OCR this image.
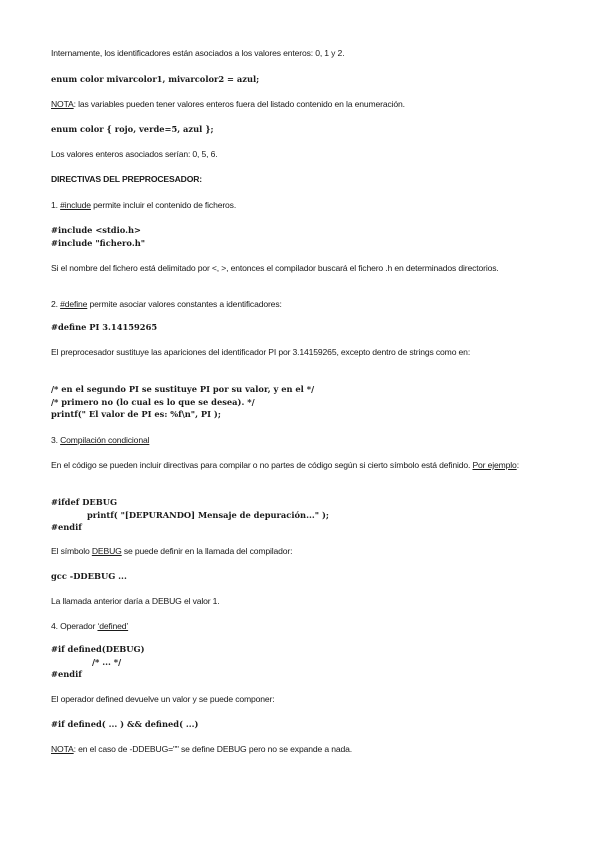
Internamente, los identificadores están asociados a los valores enteros: 0, 1 y 2.
enum color mivarcolor1, mivarcolor2 = azul;
NOTA: las variables pueden tener valores enteros fuera del listado contenido en la enumeración.
enum color { rojo, verde=5, azul };
Los valores enteros asociados serían: 0, 5, 6.
DIRECTIVAS DEL PREPROCESADOR:
1. #include permite incluir el contenido de ficheros.
#include <stdio.h>
#include "fichero.h"
Si el nombre del fichero está delimitado por <, >, entonces el compilador buscará el fichero .h en determinados directorios.
2. #define permite asociar valores constantes a identificadores:
#define PI 3.14159265
El preprocesador sustituye las apariciones del identificador PI por 3.14159265, excepto dentro de strings como en:
/* en el segundo PI se sustituye PI por su valor, y en el */
/* primero no (lo cual es lo que se desea). */
printf(" El valor de PI es: %f\n", PI );
3. Compilación condicional
En el código se pueden incluir directivas para compilar o no partes de código según si cierto símbolo está definido. Por ejemplo:
#ifdef DEBUG
printf( "[DEPURANDO] Mensaje de depuración..." );
#endif
El símbolo DEBUG se puede definir en la llamada del compilador:
gcc -DDEBUG ...
La llamada anterior daría a DEBUG el valor 1.
4. Operador ‘defined’
#if defined(DEBUG)
/* ... */
#endif
El operador defined devuelve un valor y se puede componer:
#if defined( ... ) && defined( ...)
NOTA: en el caso de -DDEBUG="" se define DEBUG pero no se expande a nada.
